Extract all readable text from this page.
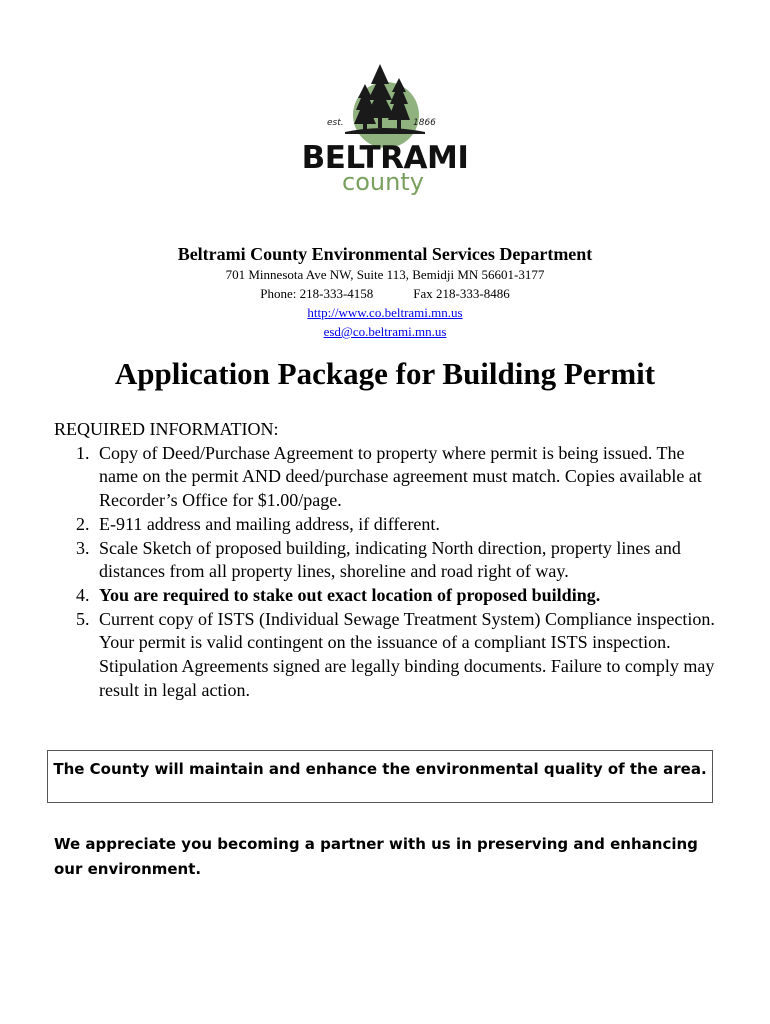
est.	1866
BELTRAMI
county
Beltrami County Environmental Services Department
701 Minnesota Ave NW, Suite 113, Bemidji MN 56601-3177
Phone: 218-333-4158	Fax 218-333-8486
http://www.co.beltrami.mn.us
esd@co.beltrami.mn.us
Application Package for Building Permit
REQUIRED INFORMATION:
1. Copy of Deed/Purchase Agreement to property where permit is being issued. The name on the permit AND deed/purchase agreement must match. Copies available at Recorder’s Office for $1.00/page.
2. E-911 address and mailing address, if different.
3. Scale Sketch of proposed building, indicating North direction, property lines and distances from all property lines, shoreline and road right of way.
4. You are required to stake out exact location of proposed building.
5. Current copy of ISTS (Individual Sewage Treatment System) Compliance inspection. Your permit is valid contingent on the issuance of a compliant ISTS inspection. Stipulation Agreements signed are legally binding documents. Failure to comply may result in legal action.
The County will maintain and enhance the environmental quality of the area.
We appreciate you becoming a partner with us in preserving and enhancing our environment.
